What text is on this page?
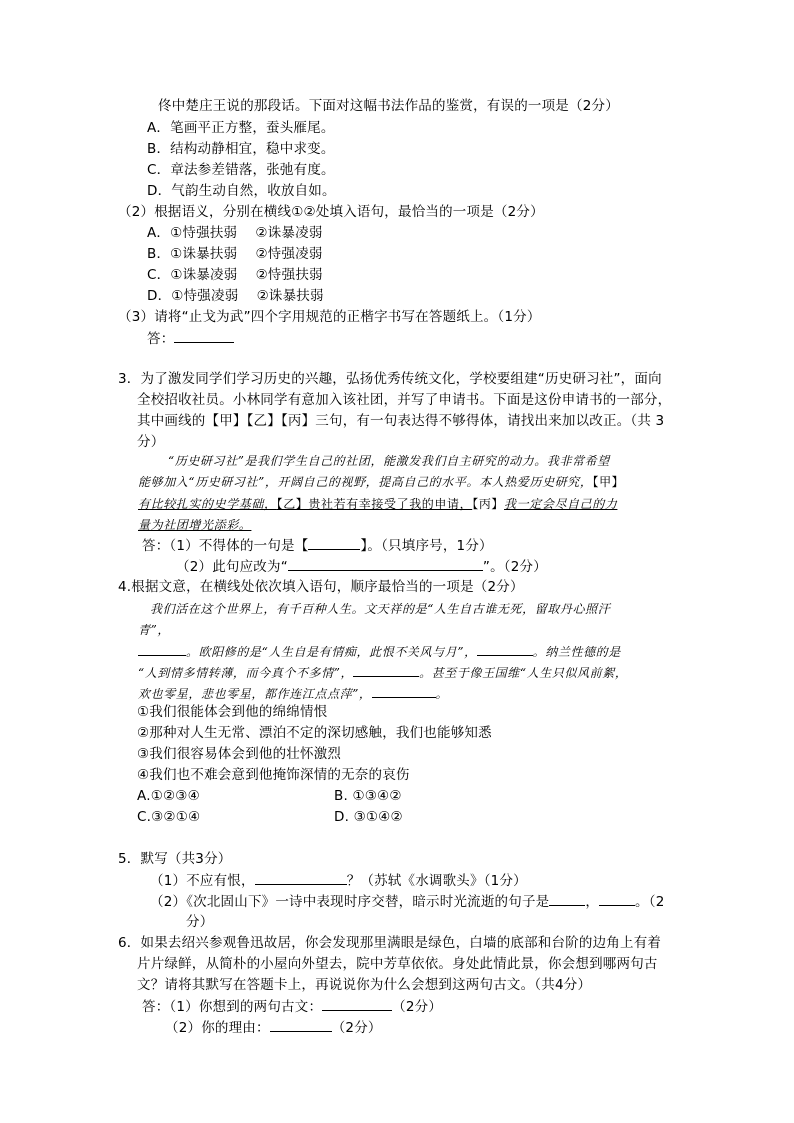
佟中楚庄王说的那段话。下面对这幅书法作品的鉴赏，有误的一项是（2分）
A．笔画平正方整，蚕头雁尾。
B．结构动静相宜，稳中求变。
C．章法参差错落，张弛有度。
D．气韵生动自然，收放自如。
（2）根据语义，分别在横线①②处填入语句，最恰当的一项是（2分）
A．①恃强扶弱　 ②诛暴凌弱
B．①诛暴扶弱　 ②恃强凌弱
C．①诛暴凌弱　 ②恃强扶弱
D．①恃强凌弱　 ②诛暴扶弱
（3）请将“止戈为武”四个字用规范的正楷字书写在答题纸上。（1分）
答：
3．为了激发同学们学习历史的兴趣，弘扬优秀传统文化，学校要组建“历史研习社”，面向
全校招收社员。小林同学有意加入该社团，并写了申请书。下面是这份申请书的一部分，
其中画线的【甲】【乙】【丙】三句，有一句表达得不够得体，请找出来加以改正。（共 3
分）
“历史研习社”是我们学生自己的社团，能激发我们自主研究的动力。我非常希望
能够加入“历史研习社”，开阔自己的视野，提高自己的水平。本人热爱历史研究，【甲】
有比较扎实的史学基础，【乙】贵社若有幸接受了我的申请，【丙】我一定会尽自己的力
量为社团增光添彩。
答：（1）不得体的一句是【	】。（只填序号，1分）
（2）此句应改为“	”。（2分）
4.根据文意，在横线处依次填入语句，顺序最恰当的一项是（2分）
我们活在这个世界上，有千百种人生。文天祥的是“人生自古谁无死，留取丹心照汗
青”，
。欧阳修的是“人生自是有情痴，此恨不关风与月”，	。纳兰性德的是
“人到情多情转薄，而今真个不多情”，	。甚至于像王国维“人生只似风前絮，
欢也零星，悲也零星，都作连江点点萍”，	。
①我们很能体会到他的绵绵情恨
②那种对人生无常、漂泊不定的深切感触，我们也能够知悉
③我们很容易体会到他的壮怀激烈
④我们也不难会意到他掩饰深情的无奈的哀伤
A.①②③④	B. ①③④②
C.③②①④	D. ③①④②
5．默写（共3分）
（1）不应有恨，	？（苏轼《水调歌头》（1分）
（2）《次北固山下》一诗中表现时序交替，暗示时光流逝的句子是	，	。（2
分）
6．如果去绍兴参观鲁迅故居，你会发现那里满眼是绿色，白墙的底部和台阶的边角上有着
片片绿鲜，从简朴的小屋向外望去，院中芳草依依。身处此情此景，你会想到哪两句古
文？请将其默写在答题卡上，再说说你为什么会想到这两句古文。（共4分）
答：（1）你想到的两句古文：	（2分）
（2）你的理由：	（2分）
